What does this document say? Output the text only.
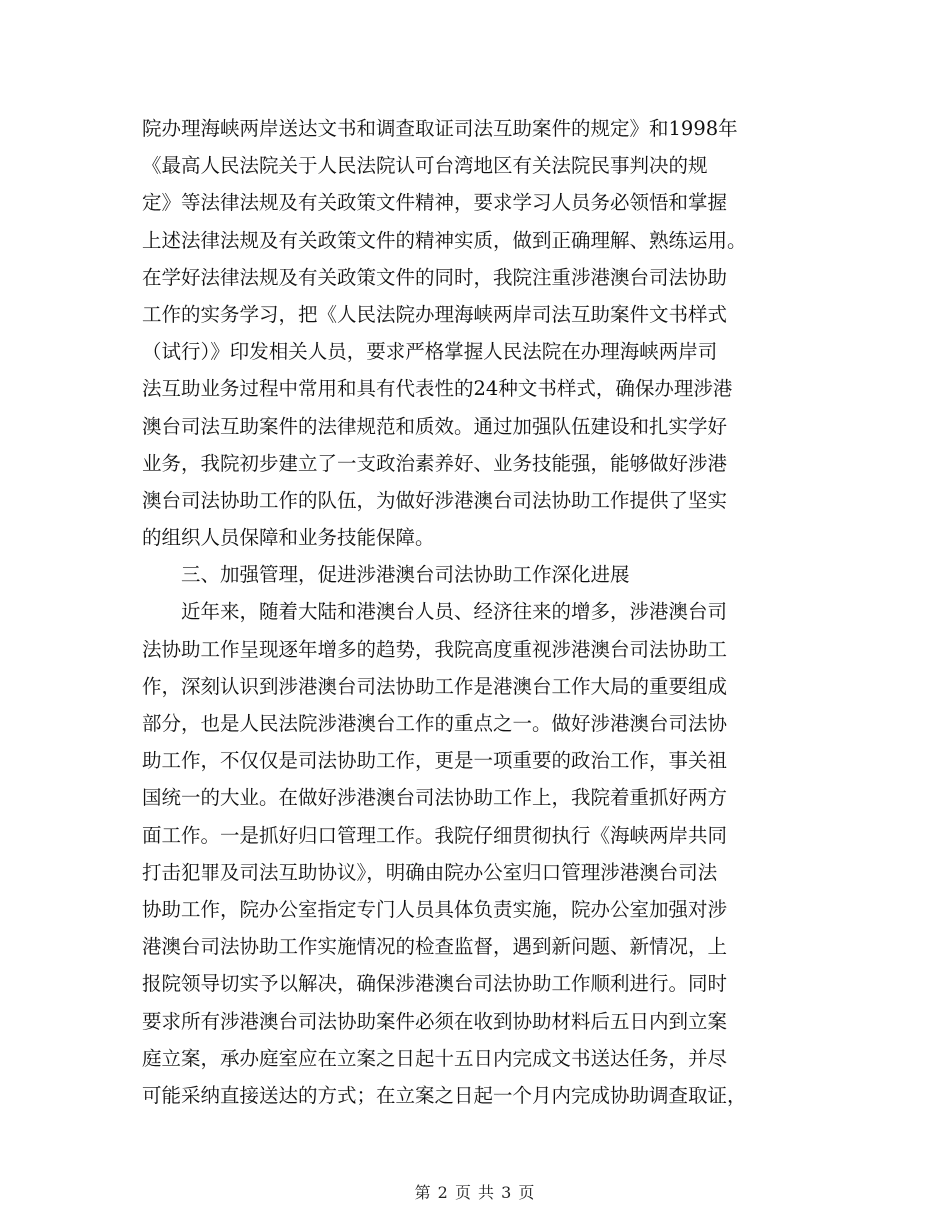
院办理海峡两岸送达文书和调查取证司法互助案件的规定》和1998年
《最高人民法院关于人民法院认可台湾地区有关法院民事判决的规
定》等法律法规及有关政策文件精神，要求学习人员务必领悟和掌握
上述法律法规及有关政策文件的精神实质，做到正确理解、熟练运用。
在学好法律法规及有关政策文件的同时，我院注重涉港澳台司法协助
工作的实务学习，把《人民法院办理海峡两岸司法互助案件文书样式
（试行）》印发相关人员，要求严格掌握人民法院在办理海峡两岸司
法互助业务过程中常用和具有代表性的24种文书样式，确保办理涉港
澳台司法互助案件的法律规范和质效。通过加强队伍建设和扎实学好
业务，我院初步建立了一支政治素养好、业务技能强，能够做好涉港
澳台司法协助工作的队伍，为做好涉港澳台司法协助工作提供了坚实
的组织人员保障和业务技能保障。
　　三、加强管理，促进涉港澳台司法协助工作深化进展
　　近年来，随着大陆和港澳台人员、经济往来的增多，涉港澳台司
法协助工作呈现逐年增多的趋势，我院高度重视涉港澳台司法协助工
作，深刻认识到涉港澳台司法协助工作是港澳台工作大局的重要组成
部分，也是人民法院涉港澳台工作的重点之一。做好涉港澳台司法协
助工作，不仅仅是司法协助工作，更是一项重要的政治工作，事关祖
国统一的大业。在做好涉港澳台司法协助工作上，我院着重抓好两方
面工作。一是抓好归口管理工作。我院仔细贯彻执行《海峡两岸共同
打击犯罪及司法互助协议》，明确由院办公室归口管理涉港澳台司法
协助工作，院办公室指定专门人员具体负责实施，院办公室加强对涉
港澳台司法协助工作实施情况的检查监督，遇到新问题、新情况，上
报院领导切实予以解决，确保涉港澳台司法协助工作顺利进行。同时
要求所有涉港澳台司法协助案件必须在收到协助材料后五日内到立案
庭立案，承办庭室应在立案之日起十五日内完成文书送达任务，并尽
可能采纳直接送达的方式；在立案之日起一个月内完成协助调查取证，
第 2 页 共 3 页
